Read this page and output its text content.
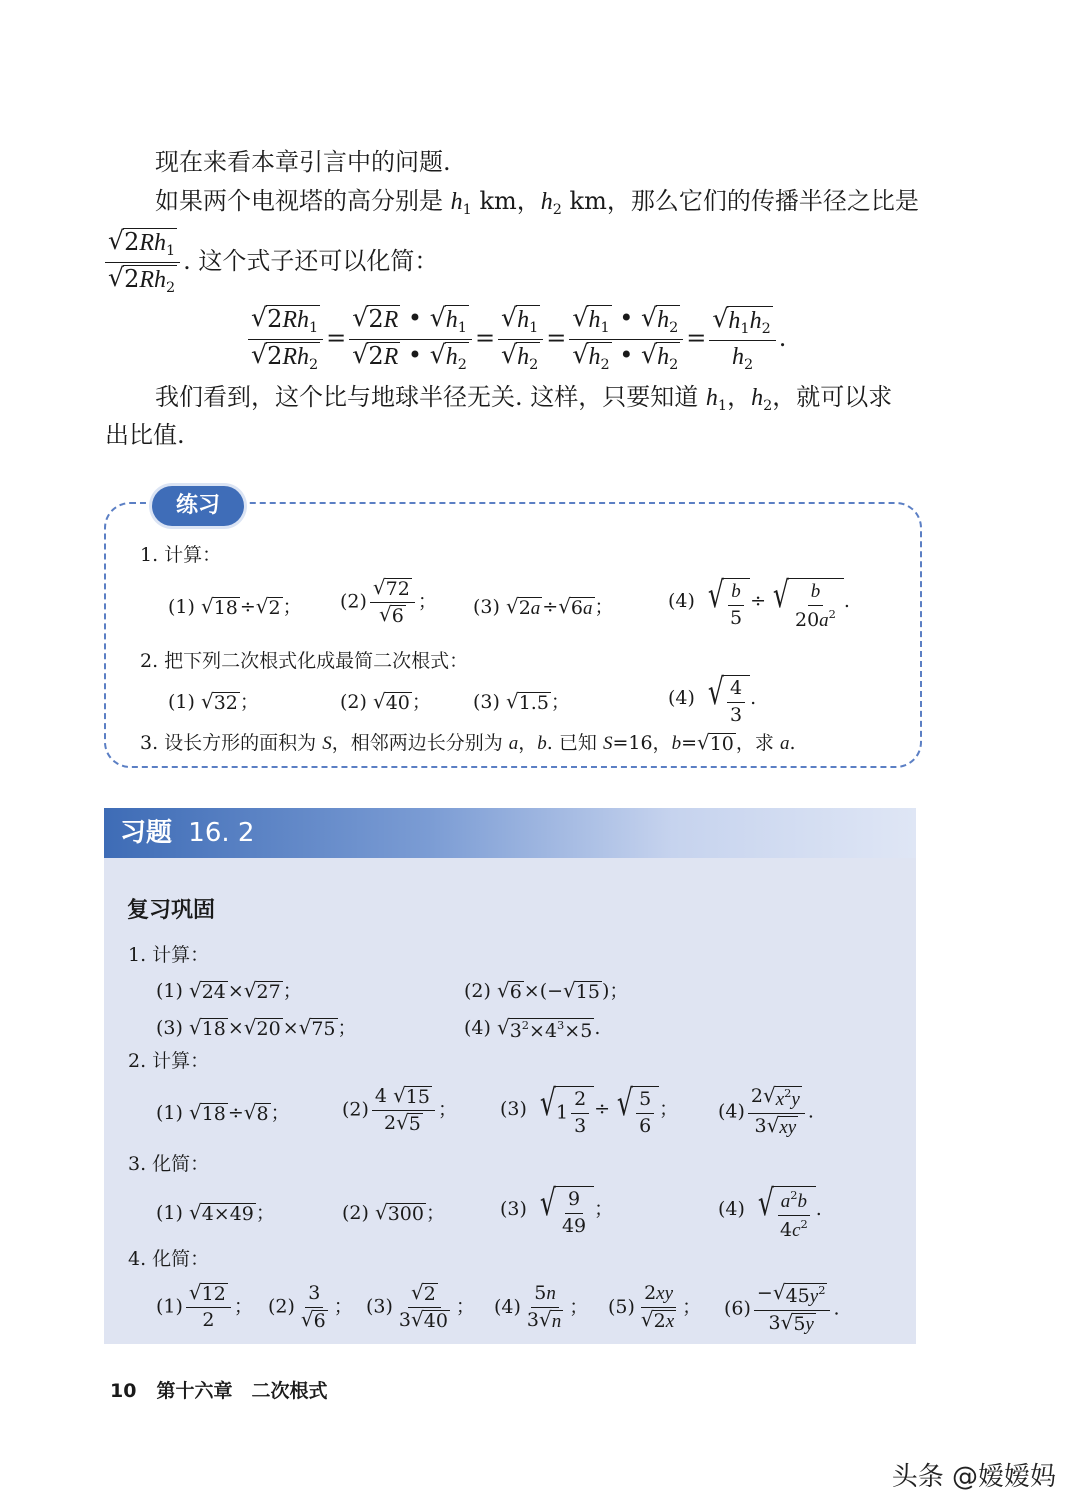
现在来看本章引言中的问题.
如果两个电视塔的高分别是 $h_1$ km，$h_2$ km，那么它们的传播半径之比是
$\frac{√ 2Rh_1}{√ 2Rh_2}$ . 这个式子还可以化简：
$\frac{√ 2Rh_1}{√ 2Rh_2} = \frac{√ 2R • √ h_1}{√ 2R • √ h_2} = \frac{√ h_1}{√ h_2} = \frac{√ h_1 • √ h_2}{√ h_2 • √ h_2} = \frac{√ h_1h_2}{h_2}$ .
我们看到，这个比与地球半径无关. 这样，只要知道 $h_1$，$h_2$，就可以求
出比值.
练习
1. 计算：
(1) √ 18 ÷ √ 2 ； $(2) \frac{√ 72}{√ 6}$ ； (3) √ 2a ÷ √ 6a ；	(4) √ $\frac{b}{5}$ ÷ √ $\frac{b}{20a^2}$ .
2. 把下列二次根式化成最简二次根式：
(1) √ 32 ；	(2) √ 40 ； (3) √ 1.5 ；	(4) √ $\frac{4}{3}$ .
3. 设长方形的面积为 S，相邻两边长分别为 a，b. 已知 S=16，b= √ 10 ，求 a.
习题 16. 2
复习巩固
1. 计算：
(1) √ 24 × √ 27 ；	(2) √ 6 ×(− √ 15 )；
(3) √ 18 × √ 20 × √ 75 ；	(4) √ $3^2\times 4^3\times 5$ .
2. 计算：
(1) √ 18 ÷ √ 8 ；	$(2) \frac{4 √ 15}{2 √ 5}$ ； (3) √ $1 \frac{2}{3}$ ÷ √ $\frac{5}{6}$ ； $(4) \frac{2 √ x^2y}{3 √ xy}$ .
3. 化简：
(1) √ 4×49 ；	(2) √ 300 ；	(3) √ $\frac{9}{49}$ ；	(4) √ $\frac{a^2b}{4c^2}$ .
4. 化简：
$(1) \frac{√ 12}{2}$ ； $(2) \frac{3}{√ 6}$ ； $(3) \frac{√ 2}{3 √ 40}$ ； $(4) \frac{5n}{3 √ n}$ ； $(5) \frac{2xy}{√ 2x}$ ； $(6) \frac{- √ 45y^2}{3 √ 5y}$ .
10 第十六章　二次根式
头条 @嫒嫒妈
